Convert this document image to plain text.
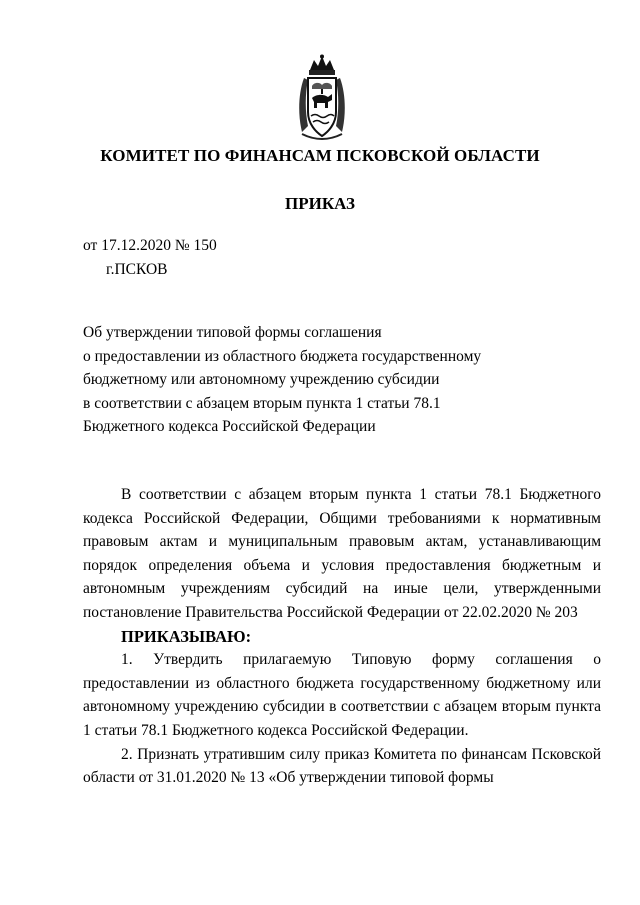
КОМИТЕТ ПО ФИНАНСАМ ПСКОВСКОЙ ОБЛАСТИ
ПРИКАЗ
от 17.12.2020 № 150
г.ПСКОВ
Об утверждении типовой формы соглашения
о предоставлении из областного бюджета государственному
бюджетному или автономному учреждению субсидии
в соответствии с абзацем вторым пункта 1 статьи 78.1
Бюджетного кодекса Российской Федерации

В соответствии с абзацем вторым пункта 1 статьи 78.1 Бюджетного кодекса Российской Федерации, Общими требованиями к нормативным правовым актам и муниципальным правовым актам, устанавливающим порядок определения объема и условия предоставления бюджетным и автономным учреждениям субсидий на иные цели, утвержденными постановление Правительства Российской Федерации от 22.02.2020 № 203

ПРИКАЗЫВАЮ:

1. Утвердить прилагаемую Типовую форму соглашения о предоставлении из областного бюджета государственному бюджетному или автономному учреждению субсидии в соответствии с абзацем вторым пункта 1 статьи 78.1 Бюджетного кодекса Российской Федерации.

2. Признать утратившим силу приказ Комитета по финансам Псковской области от 31.01.2020 № 13 «Об утверждении типовой формы
